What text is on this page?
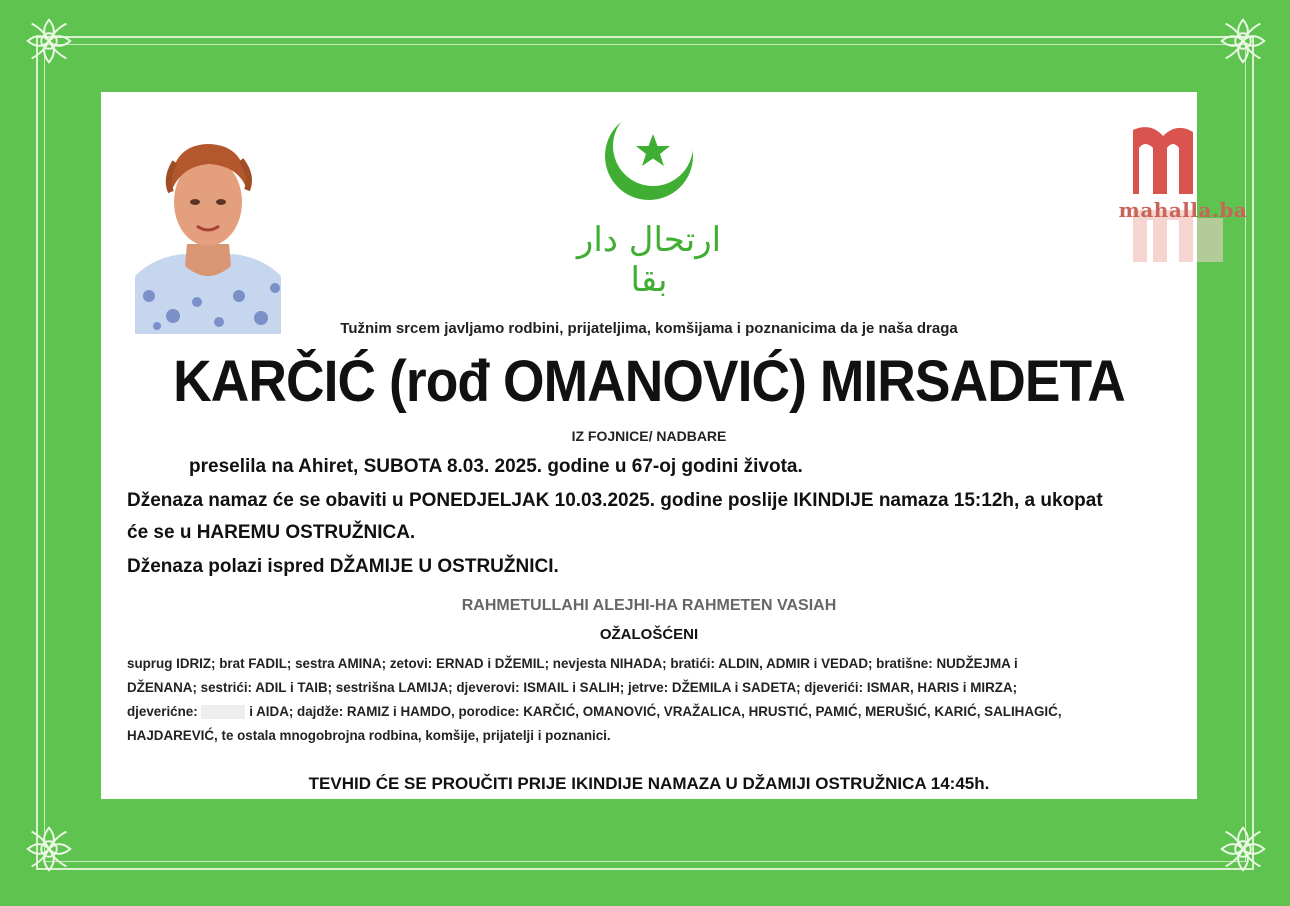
ارتحال دار بقا
mahalla.ba
Tužnim srcem javljamo rodbini, prijateljima, komšijama i poznanicima da je naša draga
KARČIĆ (rođ OMANOVIĆ) MIRSADETA
IZ FOJNICE/ NADBARE
preselila na Ahiret, SUBOTA 8.03. 2025. godine u 67-oj godini života.
Dženaza namaz će se obaviti u PONEDJELJAK 10.03.2025. godine poslije IKINDIJE namaza 15:12h, a ukopat
će se u HAREMU OSTRUŽNICA.
Dženaza polazi ispred DŽAMIJE U OSTRUŽNICI.
RAHMETULLAHI ALEJHI-HA RAHMETEN VASIAH
OŽALOŠĆENI
suprug IDRIZ; brat FADIL; sestra AMINA; zetovi: ERNAD i DŽEMIL; nevjesta NIHADA; bratići: ALDIN, ADMIR i VEDAD; bratišne: NUDŽEJMA i
DŽENANA; sestrići: ADIL i TAIB; sestrišna LAMIJA; djeverovi: ISMAIL i SALIH; jetrve: DŽEMILA i SADETA; djeverići: ISMAR, HARIS i MIRZA;
djeverićne:	i AIDA; dajdže: RAMIZ i HAMDO, porodice: KARČIĆ, OMANOVIĆ, VRAŽALICA, HRUSTIĆ, PAMIĆ, MERUŠIĆ, KARIĆ, SALIHAGIĆ,
HAJDAREVIĆ, te ostala mnogobrojna rodbina, komšije, prijatelji i poznanici.
TEVHID ĆE SE PROUČITI PRIJE IKINDIJE NAMAZA U DŽAMIJI OSTRUŽNICA 14:45h.
